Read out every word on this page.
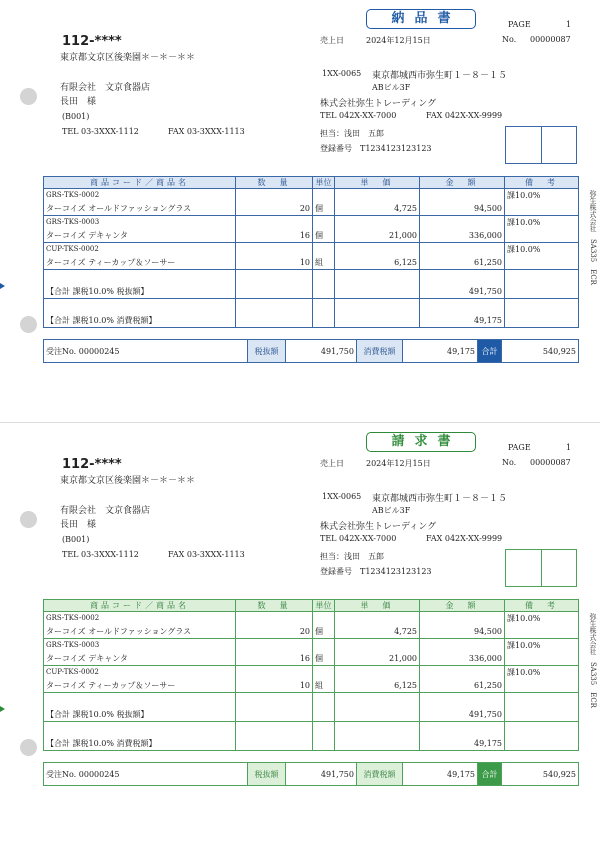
納品書	PAGE	1
売上日	2024年12月15日	No. 00000087
112-****
東京都文京区後楽園＊－＊－＊＊
有限会社　文京食器店
長田　様
(B001)
TEL 03-3XXX-1112	FAX 03-3XXX-1113
1XX-0065 東京都城西市弥生町１－８－１５
ABビル3F
株式会社弥生トレーディング
TEL 042X-XX-7000	FAX 042X-XX-9999
担当：浅田　五郎
登録番号　T1234123123123
弥生株式会社　SA335　ECR
商品コード／商品名	数　量	単位	単　価	金　額	備　考
GRS-TKS-0002	20	個	4,725	94,500	課10.0%
ターコイズ オールドファッショングラス					
GRS-TKS-0003	16	個	21,000	336,000	課10.0%
ターコイズ デキャンタ					
CUP-TKS-0002	10	組	6,125	61,250	課10.0%
ターコイズ ティーカップ＆ソーサー					
【合計 課税10.0% 税抜額】				491,750	
【合計 課税10.0% 消費税額】				49,175	
受注No. 00000245	税抜額	491,750	消費税額	49,175	合計	540,925
請求書	PAGE	1
売上日	2024年12月15日	No. 00000087
112-****
東京都文京区後楽園＊－＊－＊＊
有限会社　文京食器店
長田　様
(B001)
TEL 03-3XXX-1112	FAX 03-3XXX-1113
1XX-0065 東京都城西市弥生町１－８－１５
ABビル3F
株式会社弥生トレーディング
TEL 042X-XX-7000	FAX 042X-XX-9999
担当：浅田　五郎
登録番号　T1234123123123
弥生株式会社　SA335　ECR
商品コード／商品名	数　量	単位	単　価	金　額	備　考
GRS-TKS-0002	20	個	4,725	94,500	課10.0%
ターコイズ オールドファッショングラス					
GRS-TKS-0003	16	個	21,000	336,000	課10.0%
ターコイズ デキャンタ					
CUP-TKS-0002	10	組	6,125	61,250	課10.0%
ターコイズ ティーカップ＆ソーサー					
【合計 課税10.0% 税抜額】				491,750	
【合計 課税10.0% 消費税額】				49,175	
受注No. 00000245	税抜額	491,750	消費税額	49,175	合計	540,925
